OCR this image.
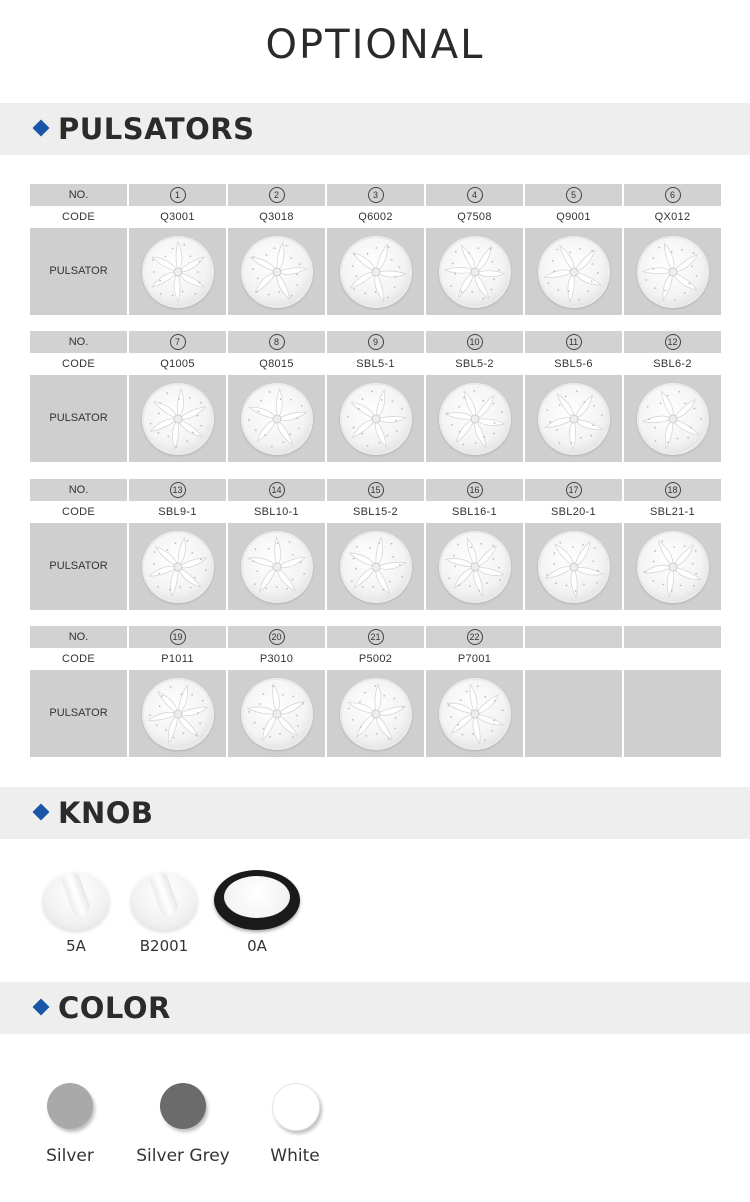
OPTIONAL
PULSATORS
NO.	1	2	3	4	5	6
CODE	Q3001	Q3018	Q6002	Q7508	Q9001	QX012
PULSATOR
NO.	7	8	9	10	11	12
CODE	Q1005	Q8015	SBL5-1	SBL5-2	SBL5-6	SBL6-2
PULSATOR
NO.	13	14	15	16	17	18
CODE	SBL9-1	SBL10-1	SBL15-2	SBL16-1	SBL20-1	SBL21-1
PULSATOR
NO.	19	20	21	22
CODE	P1011	P3010	P5002	P7001
PULSATOR
KNOB
5A	B2001	0A
COLOR
Silver	Silver Grey	White
